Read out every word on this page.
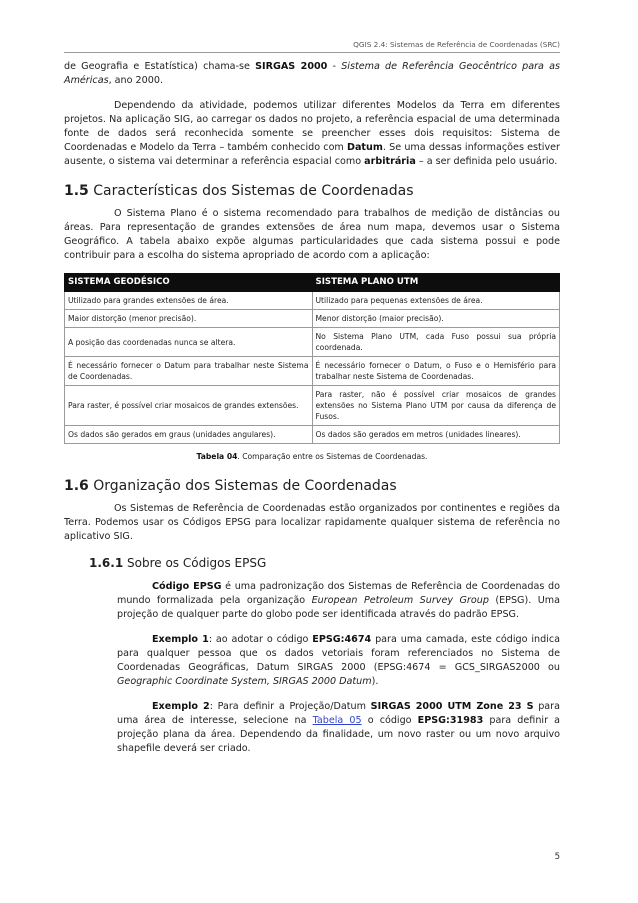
QGIS 2.4: Sistemas de Referência de Coordenadas (SRC)

de Geografia e Estatística) chama-se SIRGAS 2000 - Sistema de Referência Geocêntrico para as Américas, ano 2000.

Dependendo da atividade, podemos utilizar diferentes Modelos da Terra em diferentes projetos. Na aplicação SIG, ao carregar os dados no projeto, a referência espacial de uma determinada fonte de dados será reconhecida somente se preencher esses dois requisitos: Sistema de Coordenadas e Modelo da Terra – também conhecido com Datum. Se uma dessas informações estiver ausente, o sistema vai determinar a referência espacial como arbitrária – a ser definida pelo usuário.

1.5 Características dos Sistemas de Coordenadas

O Sistema Plano é o sistema recomendado para trabalhos de medição de distâncias ou áreas. Para representação de grandes extensões de área num mapa, devemos usar o Sistema Geográfico. A tabela abaixo expõe algumas particularidades que cada sistema possui e pode contribuir para a escolha do sistema apropriado de acordo com a aplicação:

SISTEMA GEODÉSICO	SISTEMA PLANO UTM
Utilizado para grandes extensões de área.	Utilizado para pequenas extensões de área.
Maior distorção (menor precisão).	Menor distorção (maior precisão).
A posição das coordenadas nunca se altera.	No Sistema Plano UTM, cada Fuso possui sua própria coordenada.
É necessário fornecer o Datum para trabalhar neste Sistema de Coordenadas.	É necessário fornecer o Datum, o Fuso e o Hemisfério para trabalhar neste Sistema de Coordenadas.
Para raster, é possível criar mosaicos de grandes extensões.	Para raster, não é possível criar mosaicos de grandes extensões no Sistema Plano UTM por causa da diferença de Fusos.
Os dados são gerados em graus (unidades angulares).	Os dados são gerados em metros (unidades lineares).
Tabela 04. Comparação entre os Sistemas de Coordenadas.
1.6 Organização dos Sistemas de Coordenadas

Os Sistemas de Referência de Coordenadas estão organizados por continentes e regiões da Terra. Podemos usar os Códigos EPSG para localizar rapidamente qualquer sistema de referência no aplicativo SIG.

1.6.1 Sobre os Códigos EPSG

Código EPSG é uma padronização dos Sistemas de Referência de Coordenadas do mundo formalizada pela organização European Petroleum Survey Group (EPSG). Uma projeção de qualquer parte do globo pode ser identificada através do padrão EPSG.

Exemplo 1: ao adotar o código EPSG:4674 para uma camada, este código indica para qualquer pessoa que os dados vetoriais foram referenciados no Sistema de Coordenadas Geográficas, Datum SIRGAS 2000 (EPSG:4674 = GCS_SIRGAS2000 ou Geographic Coordinate System, SIRGAS 2000 Datum).

Exemplo 2: Para definir a Projeção/Datum SIRGAS 2000 UTM Zone 23 S para uma área de interesse, selecione na Tabela 05 o código EPSG:31983 para definir a projeção plana da área. Dependendo da finalidade, um novo raster ou um novo arquivo shapefile deverá ser criado.

5
